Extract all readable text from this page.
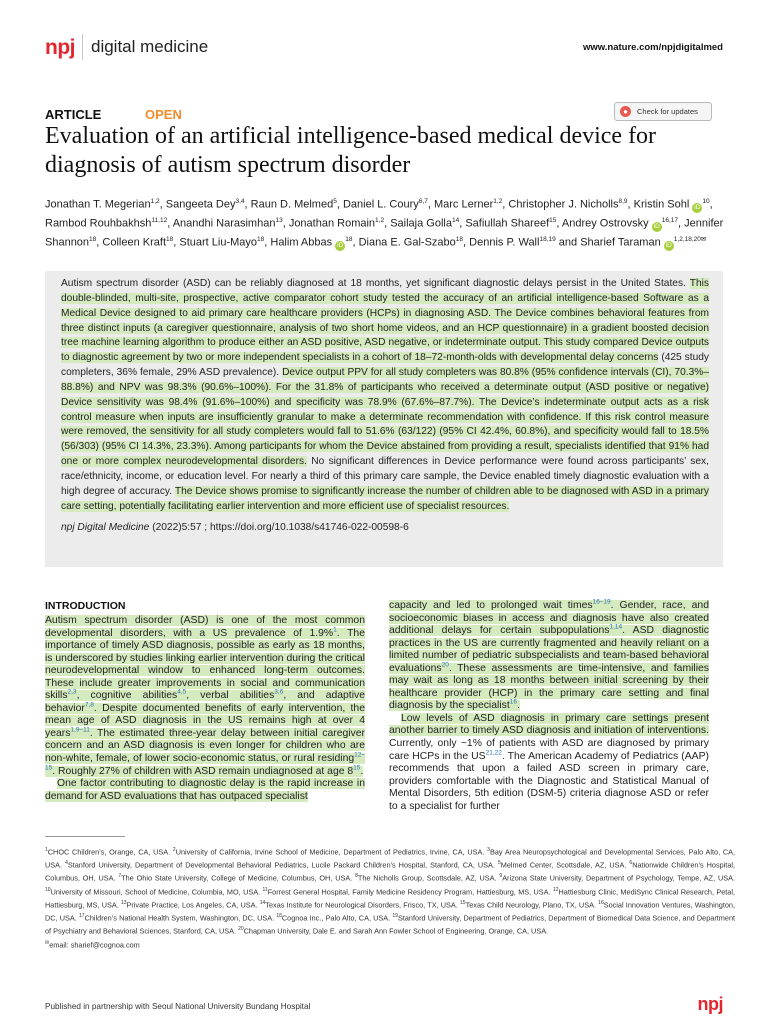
npj digital medicine	www.nature.com/npjdigitalmed
ARTICLE	OPEN	●	Check for updates
Evaluation of an artificial intelligence-based medical device for diagnosis of autism spectrum disorder

Jonathan T. Megerian$^{1,2}$, Sangeeta Dey$^{3,4}$, Raun D. Melmed$^5$, Daniel L. Coury$^{6,7}$, Marc Lerner$^{1,2}$, Christopher J. Nicholls$^{8,9}$, Kristin Sohl $iD^{10}$, Rambod Rouhbakhsh$^{11,12}$, Anandhi Narasimhan$^{13}$, Jonathan Romain$^{1,2}$, Sailaja Golla$^{14}$, Safiullah Shareef$^{15}$, Andrey Ostrovsky iD$^{16,17}$, Jennifer Shannon$^{18}$, Colleen Kraft$^{18}$, Stuart Liu-Mayo$^{18}$, Halim Abbas $iD^{18}$, Diana E. Gal-Szabo$^{18}$, Dennis P. Wall$^{18,19}$ and Sharief Taraman $iD^{1,2,18,20✉}$

Autism spectrum disorder (ASD) can be reliably diagnosed at 18 months, yet significant diagnostic delays persist in the United States. This double-blinded, multi-site, prospective, active comparator cohort study tested the accuracy of an artificial intelligence-based Software as a Medical Device designed to aid primary care healthcare providers (HCPs) in diagnosing ASD. The Device combines behavioral features from three distinct inputs (a caregiver questionnaire, analysis of two short home videos, and an HCP questionnaire) in a gradient boosted decision tree machine learning algorithm to produce either an ASD positive, ASD negative, or indeterminate output. This study compared Device outputs to diagnostic agreement by two or more independent specialists in a cohort of 18–72-month-olds with developmental delay concerns (425 study completers, 36% female, 29% ASD prevalence). Device output PPV for all study completers was 80.8% (95% confidence intervals (CI), 70.3%–88.8%) and NPV was 98.3% (90.6%–100%). For the 31.8% of participants who received a determinate output (ASD positive or negative) Device sensitivity was 98.4% (91.6%–100%) and specificity was 78.9% (67.6%–87.7%). The Device’s indeterminate output acts as a risk control measure when inputs are insufficiently granular to make a determinate recommendation with confidence. If this risk control measure were removed, the sensitivity for all study completers would fall to 51.6% (63/122) (95% CI 42.4%, 60.8%), and specificity would fall to 18.5% (56/303) (95% CI 14.3%, 23.3%). Among participants for whom the Device abstained from providing a result, specialists identified that 91% had one or more complex neurodevelopmental disorders. No significant differences in Device performance were found across participants’ sex, race/ethnicity, income, or education level. For nearly a third of this primary care sample, the Device enabled timely diagnostic evaluation with a high degree of accuracy. The Device shows promise to significantly increase the number of children able to be diagnosed with ASD in a primary care setting, potentially facilitating earlier intervention and more efficient use of specialist resources.

npj Digital Medicine (2022)5:57 ; https://doi.org/10.1038/s41746-022-00598-6

INTRODUCTION

Autism spectrum disorder (ASD) is one of the most common developmental disorders, with a US prevalence of 1.9%$^1$. The importance of timely ASD diagnosis, possible as early as 18 months, is underscored by studies linking earlier intervention during the critical neurodevelopmental window to enhanced long-term outcomes. These include greater improvements in social and communication skills$^{2,3}$, cognitive abilities$^{4,5}$, verbal abilities$^{3,6}$, and adaptive behavior$^{7,8}$. Despite documented benefits of early intervention, the mean age of ASD diagnosis in the US remains high at over 4 years$^{1,9-11}$. The estimated three-year delay between initial caregiver concern and an ASD diagnosis is even longer for children who are non-white, female, of lower socio-economic status, or rural residing$^{12-15}$. Roughly 27% of children with ASD remain undiagnosed at age $8^{15}$.

One factor contributing to diagnostic delay is the rapid increase in demand for ASD evaluations that has outpaced specialist

capacity and led to prolonged wait times$^{16-19}$. Gender, race, and socioeconomic biases in access and diagnosis have also created additional delays for certain subpopulations$^{1,14}$. ASD diagnostic practices in the US are currently fragmented and heavily reliant on a limited number of pediatric subspecialists and team-based behavioral evaluations$^{20}$. These assessments are time-intensive, and families may wait as long as 18 months between initial screening by their healthcare provider (HCP) in the primary care setting and final diagnosis by the specialist$^{16}$.

Low levels of ASD diagnosis in primary care settings present another barrier to timely ASD diagnosis and initiation of interventions. Currently, only ~1% of patients with ASD are diagnosed by primary care HCPs in the US$^{21,22}$. The American Academy of Pediatrics (AAP) recommends that upon a failed ASD screen in primary care, providers comfortable with the Diagnostic and Statistical Manual of Mental Disorders, 5th edition (DSM-5) criteria diagnose ASD or refer to a specialist for further

$^1$CHOC Children’s, Orange, CA, USA. $^2$University of California, Irvine School of Medicine, Department of Pediatrics, Irvine, CA, USA. $^3$Bay Area Neuropsychological and Developmental Services, Palo Alto, CA, USA. $^4$Stanford University, Department of Developmental Behavioral Pediatrics, Lucile Packard Children’s Hospital, Stanford, CA, USA. $^5$Melmed Center, Scottsdale, AZ, USA. $^6$Nationwide Children’s Hospital, Columbus, OH, USA. $^7$The Ohio State University, College of Medicine, Columbus, OH, USA. $^8$The Nicholls Group, Scottsdale, AZ, USA. $^9$Arizona State University, Department of Psychology, Tempe, AZ, USA. $^{10}$University of Missouri, School of Medicine, Columbia, MO, USA. $^{11}$Forrest General Hospital, Family Medicine Residency Program, Hattiesburg, MS, USA. $^{12}$Hattiesburg Clinic, MediSync Clinical Research, Petal, Hattiesburg, MS, USA. $^{13}$Private Practice, Los Angeles, CA, USA. $^{14}$Texas Institute for Neurological Disorders, Frisco, TX, USA. $^{15}$Texas Child Neurology, Plano, TX, USA. $^{16}$Social Innovation Ventures, Washington, DC, USA. $^{17}$Children’s National Health System, Washington, DC, USA. $^{18}$Cognoa Inc., Palo Alto, CA, USA. $^{19}$Stanford University, Department of Pediatrics, Department of Biomedical Data Science, and Department of Psychiatry and Behavioral Sciences, Stanford, CA, USA. $^{20}$Chapman University, Dale E. and Sarah Ann Fowler School of Engineering, Orange, CA, USA.
✉email: sharief@cognoa.com

Published in partnership with Seoul National University Bundang Hospital	npj
